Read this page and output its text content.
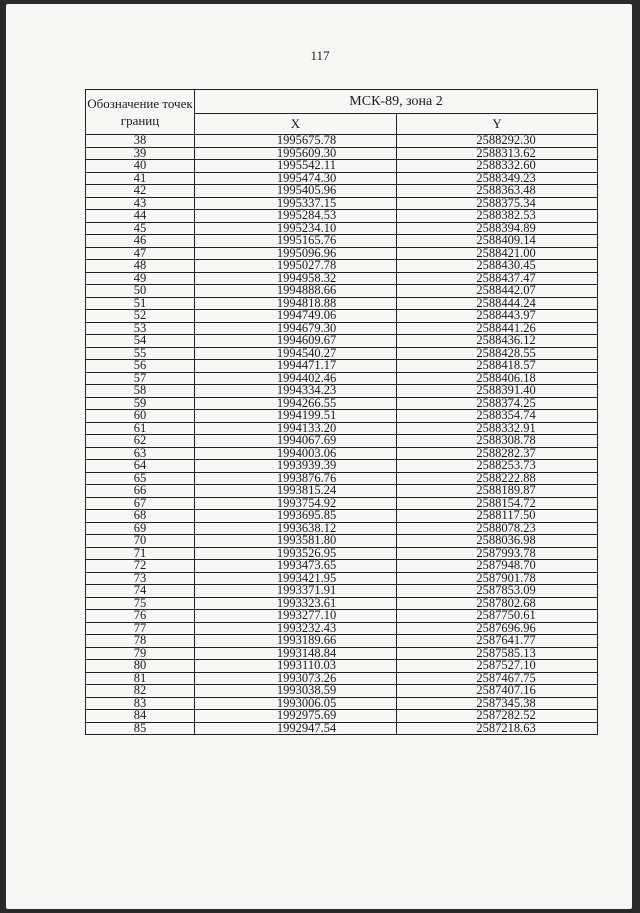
117
Обозначение точек границ	МСК-89, зона 2	
	X	Y
38	1995675.78	2588292.30
39	1995609.30	2588313.62
40	1995542.11	2588332.60
41	1995474.30	2588349.23
42	1995405.96	2588363.48
43	1995337.15	2588375.34
44	1995284.53	2588382.53
45	1995234.10	2588394.89
46	1995165.76	2588409.14
47	1995096.96	2588421.00
48	1995027.78	2588430.45
49	1994958.32	2588437.47
50	1994888.66	2588442.07
51	1994818.88	2588444.24
52	1994749.06	2588443.97
53	1994679.30	2588441.26
54	1994609.67	2588436.12
55	1994540.27	2588428.55
56	1994471.17	2588418.57
57	1994402.46	2588406.18
58	1994334.23	2588391.40
59	1994266.55	2588374.25
60	1994199.51	2588354.74
61	1994133.20	2588332.91
62	1994067.69	2588308.78
63	1994003.06	2588282.37
64	1993939.39	2588253.73
65	1993876.76	2588222.88
66	1993815.24	2588189.87
67	1993754.92	2588154.72
68	1993695.85	2588117.50
69	1993638.12	2588078.23
70	1993581.80	2588036.98
71	1993526.95	2587993.78
72	1993473.65	2587948.70
73	1993421.95	2587901.78
74	1993371.91	2587853.09
75	1993323.61	2587802.68
76	1993277.10	2587750.61
77	1993232.43	2587696.96
78	1993189.66	2587641.77
79	1993148.84	2587585.13
80	1993110.03	2587527.10
81	1993073.26	2587467.75
82	1993038.59	2587407.16
83	1993006.05	2587345.38
84	1992975.69	2587282.52
85	1992947.54	2587218.63
